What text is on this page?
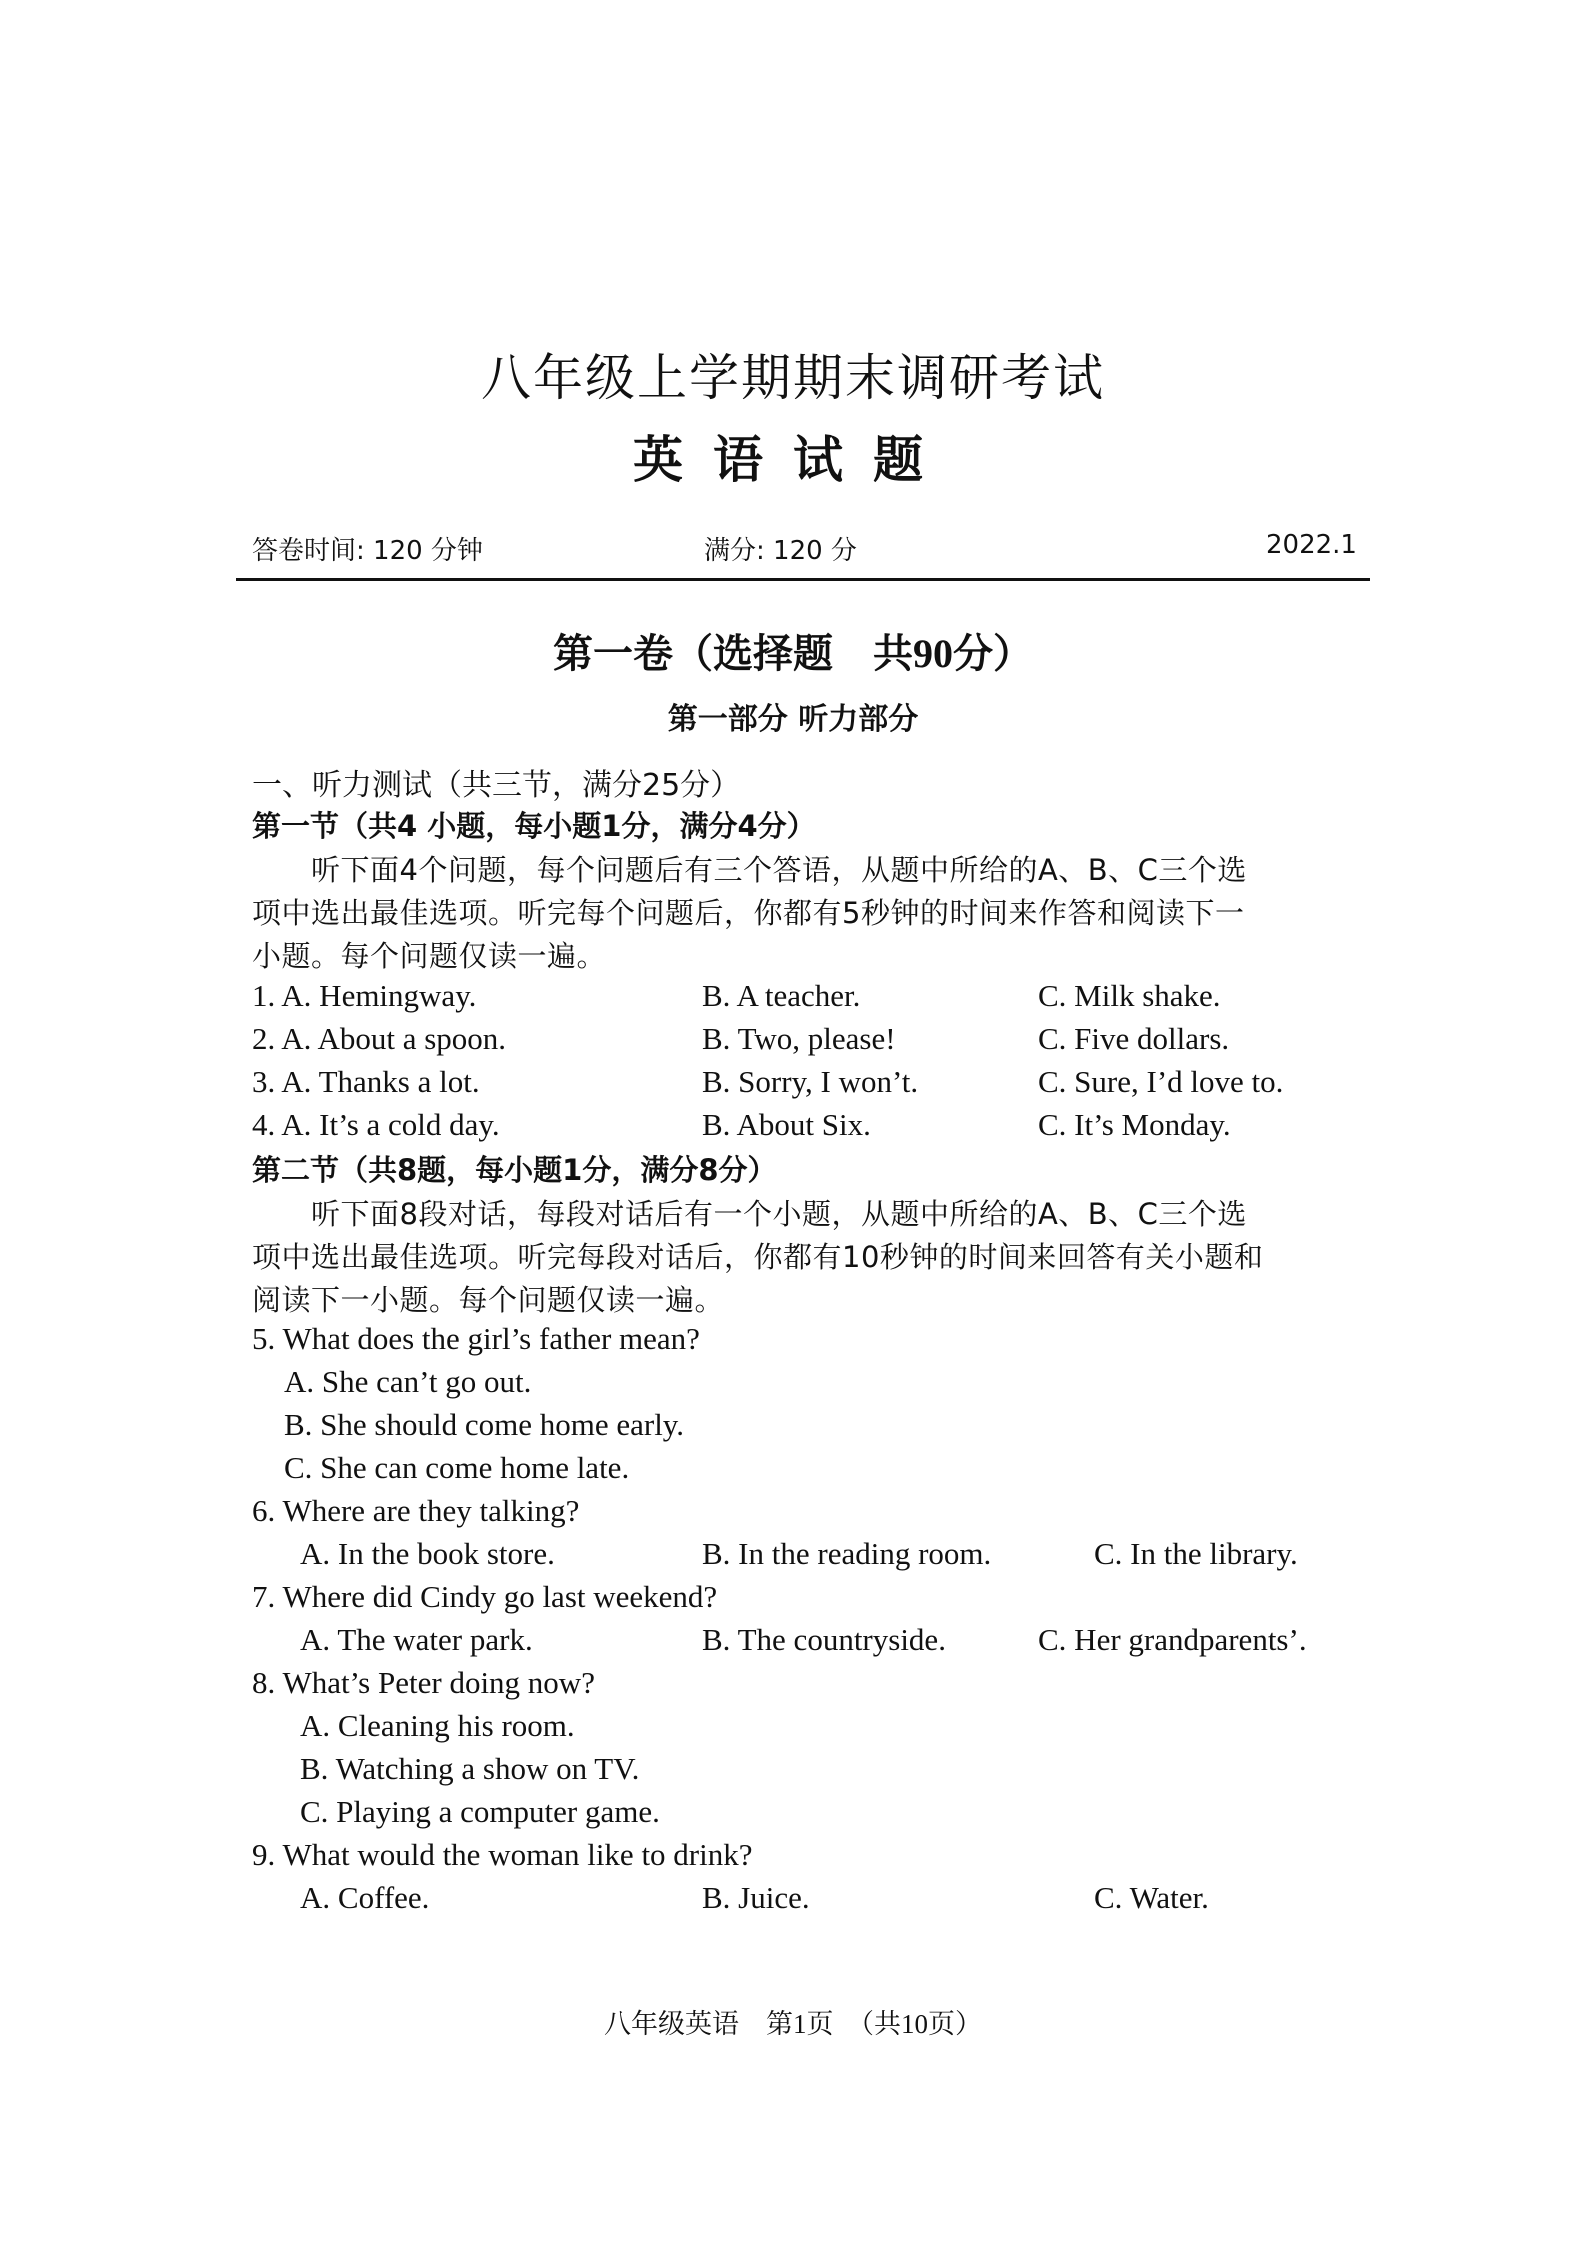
八年级上学期期末调研考试
英语试题
答卷时间: 120 分钟	满分: 120 分	2022.1
第一卷（选择题　共90分）
第一部分 听力部分
一、听力测试（共三节，满分25分）
第一节（共4 小题，每小题1分，满分4分）
　　听下面4个问题，每个问题后有三个答语，从题中所给的A、B、C三个选
项中选出最佳选项。听完每个问题后，你都有5秒钟的时间来作答和阅读下一
小题。每个问题仅读一遍。
1. A. Hemingway.	B. A teacher.	C. Milk shake.
2. A. About a spoon.	B. Two, please!	C. Five dollars.
3. A. Thanks a lot.	B. Sorry, I won’t.	C. Sure, I’d love to.
4. A. It’s a cold day.	B. About Six.	C. It’s Monday.
第二节（共8题，每小题1分，满分8分）
　　听下面8段对话，每段对话后有一个小题，从题中所给的A、B、C三个选
项中选出最佳选项。听完每段对话后，你都有10秒钟的时间来回答有关小题和
阅读下一小题。每个问题仅读一遍。
5. What does the girl’s father mean?
A. She can’t go out.
B. She should come home early.
C. She can come home late.
6. Where are they talking?
A. In the book store.	B. In the reading room.	C. In the library.
7. Where did Cindy go last weekend?
A. The water park.	B. The countryside.	C. Her grandparents’.
8. What’s Peter doing now?
A. Cleaning his room.
B. Watching a show on TV.
C. Playing a computer game.
9. What would the woman like to drink?
A. Coffee.	B. Juice.	C. Water.
八年级英语　第1页　（共10页）
